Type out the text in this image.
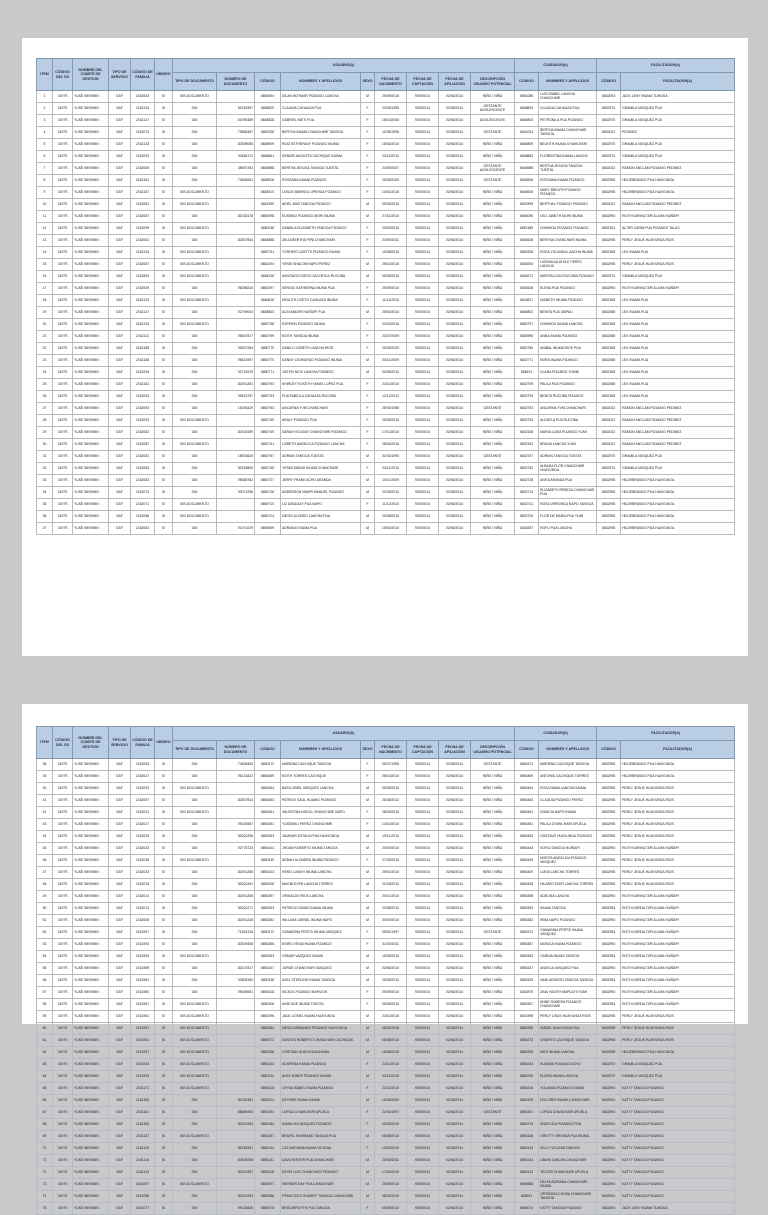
ITEM	CÓDIGO DEL SS	NOMBRE DEL COMITÉ DE GESTIÓN	TIPO DE SERVICIO	CÓDIGO DE FAMILIA	ÚBIGEO	USUARIO(A)									CUIDADOR(A)		FACILITADOR(A)	
						TIPO DE DOCUMENTO	NÚMERO DE DOCUMENTO	CÓDIGO	NOMBRES Y APELLIDOS	SEXO	FECHA DE NACIMIENTO	FECHA DE CAPTACIÓN	FECHA DE AFILIACIÓN	DESCRIPCIÓN USUARIO POTENCIAL	CÓDIGO	NOMBRES Y APELLIDOS	CÓDIGO	FACILITADOR(A)
1	31979	YUSE WENWIN	SAF	2162843	SI	SIN DOCUMENTO		6855494	DILAN NOYMAR PIZANGO LANCHA	M	25/09/2015	9/09/2014	02/06/2014	NIÑO / NIÑA	6851086	LUSI ISABEL LANCHA CHANCHARI	6832004	JACK LENY INUMA TUMOSA
2	31979	YUSE WENWIN	SAF	2162115	SI	DNI	62169397	6848829	CLAUDIA CAHUAZA PUA	F	23/03/1998	9/09/2014	02/06/2014	GESTANTE ADOLESCENTE	6848829	CLAUDIA CAHUAZA PUA	6832970	GRAMILA VASQUEZ PUA
3	31979	YUSE WENWIN	SAF	2162127	SI	DNI	61995489	6848828	GABRIEL NIETI PUA	F	18/10/2006	9/09/2014	02/06/2014	ADOLESCENTE	6848803	PETRONILA PUA PIZANGO	6832970	GRAMILA VASQUEZ PUA
4	31979	YUSE WENWIN	SAF	2162073	SI	DNI	79885487	6840328	BERTHA INUMA CHANCHARI TANGOA	F	11/05/1996	9/09/2014	02/06/2014	GESTANTE	6841024	BERTHA INUMA CHANCHARI TANGOA	6832022	PEDINEZ
5	31979	YUSE WENWIN	SAF	2162133	SI	DNI	82509058	6848909	RUIZ ESTHEFANY PIZANGO INUMA	F	18/04/2010	9/09/2014	02/06/2014	NIÑO / NIÑA	6848809	BELKITH INUMA CHANCHARI	6832970	GRAMILA VASQUEZ PUA
6	31979	YUSE WENWIN	SAF	2162093	SI	DNI	90681172	6848861	DENNIS AUGUSTA CACHIQUE INUMA	F	23/12/2010	9/09/2014	02/06/2014	NIÑO / NIÑA	6848863	FLORENTINA INUMA LANCHA	6832970	GRAMILA VASQUEZ PUA
7	31979	YUSE WENWIN	SAF	2162065	SI	DNI	48597293	6848988	BERTHA JESUSA TANGOA TUESTA	F	24/09/2007	9/09/2014	02/06/2014	GESTANTE ADOLESCENTE	6848988	BERTHA JESUSA TANGOA TUESTA	6832022	RAMON ANCLAM PIZANGO PEDINEZ
8	31979	YUSE WENWIN	SAF	2162161	SI	DNI	74605061	6848906	ROSSANA INUMA PIZANGO	F	25/09/2009	9/09/2014	02/06/2014	GESTANTE	6848906	ROSSANA INUMA PIZANGO	6832998	HILDEBRANDO PUA HUAYUNGA
9	31979	YUSE WENWIN	SAF	2162167	SI	SIN DOCUMENTO		6848910	LESLIE MARISOL UPEHUA PIZANGO	F	14/01/2015	9/09/2014	02/06/2014	NIÑO / NIÑA	6848926	MARY BRIGITH PIZANGO PIZANGO	6832998	HILDEBRANDO PUA HUAYUNGA
10	31979	YUSE WENWIN	SAF	2162081	SI	SIN DOCUMENTO		6842999	ARIEL NIMI TANGOA PIZANGO	M	09/03/2015	9/09/2014	02/06/2014	NIÑO / NIÑA	6842999	BERTHAL PIZANGO PIZANGO	6832022	RAMON ANCLAM PIZANGO PEDINEZ
11	31979	YUSE WENWIN	SAF	2162087	SI	DNI	82033178	6850098	EUSEBIO PIZANGO MORI INUMA	M	27/11/2010	9/09/2014	02/06/2014	NIÑO / NIÑA	6850096	LELI JANETH MORI INUMA	6832994	RUTH KARINA TAPULLIMA HUIÑAPI
12	31979	YUSE WENWIN	SAF	2162099	SI	SIN DOCUMENTO		6850248	DANIELA ELIZABETH TANGOA PIZANGO	F	23/09/2015	9/09/2014	02/06/2014	NIÑO / NIÑA	6851389	DOMINGA PIZANGO PIZANGO	6832151	ALTER CARIN PUA PIZANGO TALAS
13	31979	YUSE WENWIN	SAF	2162061	SI	DNI	82507844	6848888	ZELIA BERTHA PIPA CHANCHARI	F	23/09/2011	9/09/2014	02/06/2014	NIÑO / NIÑA	6848108	BERTHA CHANCHARI INUMA	6832998	PERLY JESUS HUAYUNGA RIOS
14	31979	YUSE WENWIN	SAF	2162115	SI	SIN DOCUMENTO		6850791	YOSHIRO LIZETTE PIZANGO INUMA	F	10/08/2015	9/09/2014	02/06/2014	NIÑO / NIÑA	6850208	ROSA YOLANDA LANCHA INUMA	6832358	LEX INUMA PUA
15	31979	YUSE WENWIN	SAF	2162087	SI	SIN DOCUMENTO		6846294	YENSI SHALOM NAPO PEREZ	M	26/10/2015	9/09/2014	02/06/2014	NIÑO / NIÑA	6845294	LIGEMILDA ATOLE PEREZ LANCHA	6832998	PERLY JESUS HUAYUNGA RIOS
16	31979	YUSE WENWIN	SAF	2162893	SI	SIN DOCUMENTO		6846235	SANTIAGO DIEGO ZACHEGUI RUCOBA	M	30/05/2015	9/09/2014	02/06/2014	NIÑO / NIÑA	6846271	MARITALUCIA RUCOBA PIZANGO	6832970	GRAMILA VASQUEZ PUA
17	31979	YUSE WENWIN	SAF	2162939	SI	DNI	96058216	6850297	SERGIO KATHERINA INUMA PUA	F	29/09/2010	9/09/2014	02/06/2014	NIÑO / NIÑA	6835108	ELENA PUA PIZANGO	6832994	RUTH KARINA TAPULLIMA HUIÑAPI
18	31979	YUSE WENWIN	SAF	2162123	SI	SIN DOCUMENTO		6846816	HEALITH LIZETH CAHUAZA INUMA	F	11/11/2015	9/09/2014	02/06/2014	NIÑO / NIÑA	6843817	DIANETH INUMA PIZANGO	6832358	LEX INUMA PUA
19	31979	YUSE WENWIN	SAF	2162127	SI	DNI	92799004	6848803	ALEXANDER HUIÑAPI PUA	M	25/03/2014	9/09/2014	02/06/2014	NIÑO / NIÑA	6848802	BENITA PUA UMPALI	6832358	LEX INUMA PUA
20	31979	YUSE WENWIN	SAF	2162133	SI	SIN DOCUMENTO		6850798	ESPERIN PIZANGO INUMA	F	24/03/2016	9/09/2014	02/06/2014	NIÑO / NIÑA	6850797	DOMINGA INUMA LANCHA	6832358	LEX INUMA PUA
21	31979	YUSE WENWIN	SAF	2162111	SI	DNI	95807877	6850799	EDITH TANGOA INUMA	F	23/07/2009	9/09/2014	02/06/2014	NIÑO / NIÑA	6852996	ANNA INUMA PIZANGO	6832358	LEX INUMA PUA
22	31979	YUSE WENWIN	SAF	2162188	SI	DNI	95927284	6850779	DANILO LIZBETH LANCHA RIOS	F	20/09/2020	9/09/2014	02/06/2014	NIÑO / NIÑA	6852780	ANIBAL INUMA RIOS PUA	6832358	LEX INUMA PUA
23	31979	YUSE WENWIN	SAF	2162188	SI	DNI	96613997	6850770	DANNY LEONARDO PIZANGO INUMA	M	03/11/2009	9/09/2014	02/06/2014	NIÑO / NIÑA	6842771	NORA INUMA PIZANGO	6832358	LEX INUMA PUA
24	31979	YUSE WENWIN	SAF	2162245	SI	DNI	92715475	6850771	JUSTIN NICK LANCHA PIZANGO	M	04/05/2010	9/09/2014	02/06/2014	NIÑO / NIÑA	688151	CLARA PIZANGO YUMBI	6832358	LEX INUMA PUA
25	31979	YUSE WENWIN	SAF	2162181	SI	DNI	82001281	6850793	SHIRLEY ROXETH YANISI LOPEZ PUA	F	24/12/2010	9/09/2014	02/06/2014	NIÑO / NIÑA	6832799	PAULA PUA PIZANGO	6832358	LEX INUMA PUA
26	31979	YUSE WENWIN	SAF	2162053	SI	DNI	99515757	6850793	PUA FABIOLA CAHUAZA RUCOBA	F	12/12/2012	9/09/2014	02/06/2014	NIÑO / NIÑA	6832793	BENITA RUCOBA PIZANGO	6832358	LEX INUMA PUA
27	31979	YUSE WENWIN	SAF	2162093	SI	DNI	16393429	6850753	ANCARNA YVM CHANCHARI	F	25/04/1985	9/09/2014	02/06/2014	GESTANTE	6832753	ANCARNA YVM CHANCHARI	6832022	RAMON ANCLAM PIZANGO PEDINEZ
28	31979	YUSE WENWIN	SAF	2162093	SI	SIN DOCUMENTO		6850749	ARALY PIZANGO PUA	F	29/09/2015	9/09/2014	02/06/2014	NIÑO / NIÑA	6832753	ALDAFLA PUA RUCOBA	6832022	RAMON ANCLAM PIZANGO PEDINEZ
29	31979	YUSE WENWIN	SAF	2162082	SI	DNI	82003199	6850749	SARAH HOLIDAY CHANCHARI PIZANGO	F	17/10/2010	9/09/2014	02/06/2014	NIÑO / NIÑA	6832156	MARIA LUISA PIZANGO YUMI	6832022	RAMON ANCLAM PIZANGO PEDINEZ
30	31979	YUSE WENWIN	SAF	2162087	SI	SIN DOCUMENTO		6850741	LIZBETH ANGELICA PIZANGO LANCHA	F	28/04/2016	9/09/2014	02/06/2014	NIÑO / NIÑA	6832152	BRUNA LANCHA YUMI	6832022	RAMON ANCLAM PIZANGO PEDINEZ
31	31979	YUSE WENWIN	SAF	2162081	SI	DNI	18933626	6850757	ADRIAN TANGOA TUESTA	M	31/03/1990	9/09/2014	02/06/2014	GESTANTE	6832757	ADRIAN TANGOA TUESTA	6832970	GRAMILA VASQUEZ PUA
32	31979	YUSE WENWIN	SAF	2162083	SI	DNI	82169805	6850745	YESMI SARAH INUMA CHANCHARI	F	24/11/2010	9/09/2014	02/06/2014	NIÑO / NIÑA	6832752	ALBADA FLOR CHANCHARI HUAYUNGA	6832970	GRAMILA VASQUEZ PUA
33	31979	YUSE WENWIN	SAF	2162083	SI	DNI	95658782	6850727	JERRY FRANK ACHO ARANDA	M	10/11/2009	9/09/2014	02/06/2014	NIÑO / NIÑA	6832728	ANITA ARANDA PUA	6832998	HILDEBRANDO PUA HUAYUNGA
34	31979	YUSE WENWIN	SAF	2162073	SI	DNI	90071296	6850726	ANDERSON NAMPI MANUEL PIZANGO	M	22/09/2010	9/09/2014	02/06/2014	NIÑO / NIÑA	6832713	ELIZABETH REBECA CHANCHARI PUA	6832998	HILDEBRANDO PUA HUAYUNGA
35	31979	YUSE WENWIN	SAF	2162071	SI	SIN DOCUMENTO		6850710	LIZ DANDALY PUA NAPO	F	11/11/2015	9/09/2014	02/06/2014	NIÑO / NIÑA	6832711	ROSA VERONICA NAPO TANGOA	6832998	HILDEBRANDO PUA HUAYUNGA
36	31979	YUSE WENWIN	SAF	2162068	SI	SIN DOCUMENTO		6850704	DIEGO ALONSO LANCHA PUA	M	20/08/2015	9/09/2014	02/06/2014	NIÑO / NIÑA	6832705	FLOR DE MARIA PUA YUMI	6832998	HILDEBRANDO PUA HUAYUNGA
37	31979	YUSE WENWIN	SAF	2162063	SI	DNI	91071029	6850699	ADRIANO INUMA PUA	M	15/03/2010	9/09/2014	02/06/2014	NIÑO / NIÑA	6832697	ROFU PUA LANCHA	6832998	HILDEBRANDO PUA HUAYUNGA
ITEM	CÓDIGO DEL SS	NOMBRE DEL COMITÉ DE GESTIÓN	TIPO DE SERVICIO	CÓDIGO DE FAMILIA	ÚBIGEO	USUARIO(A)									CUIDADOR(A)		FACILITADOR(A)	
						TIPO DE DOCUMENTO	NÚMERO DE DOCUMENTO	CÓDIGO	NOMBRES Y APELLIDOS	SEXO	FECHA DE NACIMIENTO	FECHA DE CAPTACIÓN	FECHA DE AFILIACIÓN	DESCRIPCIÓN USUARIO POTENCIAL	CÓDIGO	NOMBRES Y APELLIDOS	CÓDIGO	FACILITADOR(A)
38	31979	YUSE WENWIN	SAF	2162063	SI	DNI	74605463	6850472	MARIENA CACHIQUE TANGOA	F	05/07/1996	9/09/2014	02/06/2014	GESTANTE	6850472	MARIENA CACHIQUE TANGOA	6832998	HILDEBRANDO PUA HUAYUNGA
39	31979	YUSE WENWIN	SAF	2162617	SI	DNI	96131822	6850469	EDITH TORRES CACHIQUE	F	08/10/2010	9/09/2014	02/06/2014	NIÑO / NIÑA	6850469	ANTONIA CACHIQUE TORRES	6832998	HILDEBRANDO PUA HUAYUNGA
40	31979	YUSE WENWIN	SAF	2162093	SI	SIN DOCUMENTO		6850464	BASIL ARIEL VASQUEZ LANCHA	M	09/09/2015	9/09/2014	02/06/2014	NIÑO / NIÑA	6850464	ROSA NIMIA LANCHA INUMA	6832998	PERLY JESUS HUAYUNGA RIOS
41	31979	YUSE WENWIN	SAF	2162097	SI	DNI	82507814	6850463	PATRICK SAUL HUANIO PIZANGO	M	26/06/2012	9/09/2014	02/06/2014	NIÑO / NIÑA	6850463	CLAUDIA PIZANGO PEREZ	6832998	PERLY JESUS HUAYUNGA RIOS
42	31979	YUSE WENWIN	SAF	2162031	SI	SIN DOCUMENTO		6850461	VALENTINA NIKOLL SHANCHARI NAPO	F	28/09/2015	9/09/2014	02/06/2014	NIÑO / NIÑA	6850461	IGNACIA NAPO INUMA	6832998	PERLY JESUS HUAYUNGA RIOS
43	31979	YUSE WENWIN	SAF	2162017	SI	DNI	95160987	6850451	YOSSIMILI PEREZ CHANCHARI	F	14/10/2010	9/09/2014	02/06/2014	NIÑO / NIÑA	6850451	PAULA CHANCHARI APUELA	6832998	PERLY JESUS HUAYUNGA RIOS
44	31979	YUSE WENWIN	SAF	2162025	SI	DNI	82001298	6850453	JAUNIUR ESTALIN PUA HUAYUNGA	M	19/11/2010	9/09/2014	02/06/2014	NIÑO / NIÑA	6850453	GUSTAVO HUAYUNGA PIZANGO	6832998	PERLY JESUS HUAYUNGA RIOS
45	31979	YUSE WENWIN	SAF	2162023	SI	DNI	92775723	6850444	JHOAN ROBERTO INUMA TANGOA	M	20/09/2010	9/09/2014	02/06/2014	NIÑO / NIÑA	6850444	SOFIA TANGOA HUIÑAPI	6832994	RUTH KARINA TAPULLIMA HUIÑAPI
46	31979	YUSE WENWIN	SAF	2162035	SI	SIN DOCUMENTO		6850439	ARDAH ALONDRA INUMA PIZANGO	F	27/09/2015	9/09/2014	02/06/2014	NIÑO / NIÑA	6850439	NORITA ANGELICA PIZANGO VASQUEZ	6832998	PERLY JESUS HUAYUNGA RIOS
47	31979	YUSE WENWIN	SAF	2162033	SI	DNI	82001256	6850433	HERO LUKIEH INUMA LANCHA	M	29/01/2010	9/09/2014	02/06/2014	NIÑO / NIÑA	6850409	LUISA LANCHA TORRES	6832998	PERLY JESUS HUAYUNGA RIOS
48	31979	YUSE WENWIN	SAF	2162015	SI	DNI	82001261	6850428	MAGNI EVER LANCHA TORRES	M	21/03/2010	9/09/2014	02/06/2014	NIÑO / NIÑA	6850428	HILARIO EVER LANCHA TORRES	6832998	PERLY JESUS HUAYUNGA RIOS
49	31979	YUSE WENWIN	SAF	2162014	SI	DNI	82001265	6850397	ORINALDO RIOS LANCHA	M	20/11/2010	9/09/2014	02/06/2014	NIÑO / NIÑA	6850398	ADELINA LANCHA	6832994	RUTH KARINA TAPULLIMA HUIÑAPI
50	31979	YUSE WENWIN	SAF	2162012	SI	DNI	82001271	6850393	PATRICIO ISAIAS INUMA INUMA	M	23/08/2010	9/09/2014	02/06/2014	NIÑO / NIÑA	6850393	INUMA TANGOA	6832994	RUTH KARINA TAPULLIMA HUIÑAPI
51	31979	YUSE WENWIN	SAF	2162008	SI	DNI	82001248	6850382	WILLIAM LARNEL INUMA NAPO	M	30/09/2010	9/09/2014	02/06/2014	NIÑO / NIÑA	6850382	IRMA NAPO PIZANGO	6832994	RUTH KARINA TAPULLIMA HUIÑAPI
52	31979	YUSE WENWIN	SAF	2161997	SI	DNI	71651316	6850372	GUMARINA PERTZI INUMA VASQUEZ	F	09/01/1997	9/09/2014	02/06/2014	GESTANTE	6850372	GUMARINA PERTZI INUMA VASQUEZ	6832994	RUTH KARINA TAPULLIMA HUIÑAPI
53	31979	YUSE WENWIN	SAF	2161993	SI	DNI	82509408	6850366	ENIRO VENIA INUMA PIZANGO	F	31/03/2011	9/09/2014	02/06/2014	NIÑO / NIÑA	6850367	MONICA INUMA PIZANGO	6832994	RUTH KARINA TAPULLIMA HUIÑAPI
54	31979	YUSE WENWIN	SAF	2161993	SI	SIN DOCUMENTO		6850353	OSMAR VASQUEZ INUMA	M	15/09/2015	9/09/2014	02/06/2014	NIÑO / NIÑA	6850353	CARINA INUMA TANGOA	6832994	RUTH KARINA TAPULLIMA HUIÑAPI
55	31979	YUSE WENWIN	SAF	2161989	SI	DNI	82107817	6850347	JORGE CHANCHARI VASQUEZ	M	03/06/2010	9/09/2014	02/06/2014	NIÑO / NIÑA	6850347	ANGELA VASQUEZ PUA	6832994	RUTH KARINA TAPULLIMA HUIÑAPI
56	31979	YUSE WENWIN	SAF	2161981	SI	DNI	92805160	6850338	AXEL STERLING INUMA TANGOA	M	29/09/2010	9/09/2014	02/06/2014	NIÑO / NIÑA	6850329	NANI ARAGON TANGOA TANGOA	6832994	RUTH KARINA TAPULLIMA HUIÑAPI
57	31979	YUSE WENWIN	SAF	2161980	SI	DNI	95459081	6850318	NICKOL PIZANGO MAPUCHI	F	09/09/2010	9/09/2014	02/06/2014	NIÑO / NIÑA	6316879	ZINA YUDITH MAPUCHI YUMI	6832994	RUTH KARINA TAPULLIMA HUIÑAPI
58	31979	YUSE WENWIN	SAF	2161967	SI	SIN DOCUMENTO		6850306	ANHI SUE INUMA TUESTA	F	05/08/2015	9/09/2014	02/06/2014	NIÑO / NIÑA	6850307	ANNE ROMERA PIZANGO CHANCHARI	6832994	RUTH KARINA TAPULLIMA HUIÑAPI
59	31979	YUSE WENWIN	SAF	2161961	SI	SIN DOCUMENTO		6850296	JACK LIONEL INUMA HUAYUNGA	M	23/10/2015	9/09/2014	02/06/2014	NIÑO / NIÑA	6831998	PERLY LISUS HUAYUNGA RIOS	6832998	PERLY JESUS HUAYUNGA RIOS
60	31979	YUSE WENWIN	SAF	2161957	SI	SIN DOCUMENTO		6850284	DIEGO ARMANDO PIZANGO HUAYUNGA	M	28/01/2016	9/09/2014	02/06/2014	NIÑO / NIÑA	6850285	ISABEL HUAYUNGA PUA	6832998	PERLY JESUS HUAYUNGA RIOS
61	31979	YUSE WENWIN	SAF	2161951	SI	SIN DOCUMENTO		6850272	SANTOS ROBERTO CHANCHARI CACHIQUE	M	08/08/2015	9/09/2014	02/06/2014	NIÑO / NIÑA	6850273	CHARITO CACHIQUE TANGOA	6832998	PERLY JESUS HUAYUNGA RIOS
62	31979	YUSE WENWIN	SAF	2161937	SI	SIN DOCUMENTO		6850256	CRISTIAN HUAYUNGA INUMA	M	15/08/2015	9/09/2014	02/06/2014	NIÑO / NIÑA	6850255	INES INUMA LANCHA	6832998	HILDEBRANDO PUA HUAYUNGA
63	31979	YUSE WENWIN	SAF	2161933	SI	SIN DOCUMENTO		6850243	ALVIRENA INUMA PIZANGO	F	22/10/2015	9/09/2014	02/06/2014	NIÑO / NIÑA	6850243	SUSANA PIZANGO ACHO	6832970	GRAMILA VASQUEZ PUA
64	31979	YUSE WENWIN	SAF	2161929	SI	SIN DOCUMENTO		6850232	ALEX WINER PIZANGO INUMA	M	03/12/2015	9/09/2014	02/06/2014	NIÑO / NIÑA	6850230	ELVIRA INUMA LANCHA	6832970	GRAMILA VASQUEZ PUA
65	31979	YUSE WENWIN	SAF	2161171	SI	SIN DOCUMENTO		6850218	LEYSA ISABEL INUMA PIZANGO	F	22/11/2015	9/09/2014	02/06/2014	NIÑO / NIÑA	6850218	YOLANDA PIZANGO INUMA	6832994	KATTY TANGOA PIZANGO
66	31979	YUSE WENWIN	SAF	2161165	SI	DNI	81051451	6850201	DEYMER INUMA INUMA	M	16/05/2009	9/09/2014	02/06/2014	NIÑO / NIÑA	6850199	DOLORES INUMA CHANCHARI	6832994	KATTY TANGOA PIZANGO
67	31979	YUSE WENWIN	SAF	2161161	SI	DNI	88889493	6850191	LOPIZA CHANCHARI APUELA	F	21/04/1997	9/09/2014	02/06/2014	GESTANTE	6850191	LOPIZA CHANCHARI APUELA	6832994	KATTY TANGOA PIZANGO
68	31979	YUSE WENWIN	SAF	2161155	SI	DNI	82001264	6850183	DIANA VIA VASQUEZ PIZANGO	F	29/03/2010	9/09/2014	02/06/2014	NIÑO / NIÑA	6850175	ANGELICA PIZANGO PUA	6832994	KATTY TANGOA PIZANGO
69	31979	YUSE WENWIN	SAF	2161137	SI	SIN DOCUMENTO		6850157	BRAYEL SHARIAND TANGOA PUA	M	05/08/2015	9/09/2014	02/06/2014	NIÑO / NIÑA	6850158	GRETTY VIRGINIA PUA INUMA	6832994	KATTY TANGOA PIZANGO
70	31979	YUSE WENWIN	SAF	2161125	SI	DNI	82169301	6850144	LUZ MARIANA INUMA VICUNIA	F	13/09/2010	9/09/2014	02/06/2014	NIÑO / NIÑA	6850143	KELLY VICUNIA TANGOA	6832994	KATTY TANGOA PIZANGO
71	31979	YUSE WENWIN	SAF	2161116	SI	DNI	82509298	6850131	DAVILYENTER PUA CHANCHARI	M	20/08/2011	9/09/2014	02/06/2014	NIÑO / NIÑA	6850134	LIBANI LANCHA CHANCHARI	6832994	KATTY TANGOA PIZANGO
72	31979	YUSE WENWIN	SAF	2161113	SI	DNI	82001287	6850118	DEVIS LUIS CHANCHARI PIZANGO	M	17/04/2010	9/09/2014	02/06/2014	NIÑO / NIÑA	6850113	TECORI CHANCHARI APUELA	6832994	KATTY TANGOA PIZANGO
73	31979	YUSE WENWIN	SAF	2161097	SI	SIN DOCUMENTO		6850097	WERNER DAY PUA CHANCHARI	M	25/09/2015	9/09/2014	02/06/2014	NIÑO / NIÑA	6850988	DELFA ADRIANA CHANCHARI INUMA	6832994	KATTY TANGOA PIZANGO
74	31979	YUSE WENWIN	SAF	2161088	SI	DNI	82001294	6850086	FRANCISCO SHARIFF TANGOA CHANCHARI	M	08/02/2010	9/09/2014	02/06/2014	NIÑO / NIÑA	868521	ORTENCIA CHUSA CHANCHARI TANGOA	6832994	KATTY TANGOA PIZANGO
75	31979	YUSE WENWIN	SAF	2161077	SI	DNI	99126826	6850075	BRIS ARROYTH PUA TANGOA	F	05/09/2010	9/09/2014	02/06/2014	NIÑO / NIÑA	6850074	KATTY TANGOA PIZANGO	6832004	JACK LENY INUMA TUMOSA
